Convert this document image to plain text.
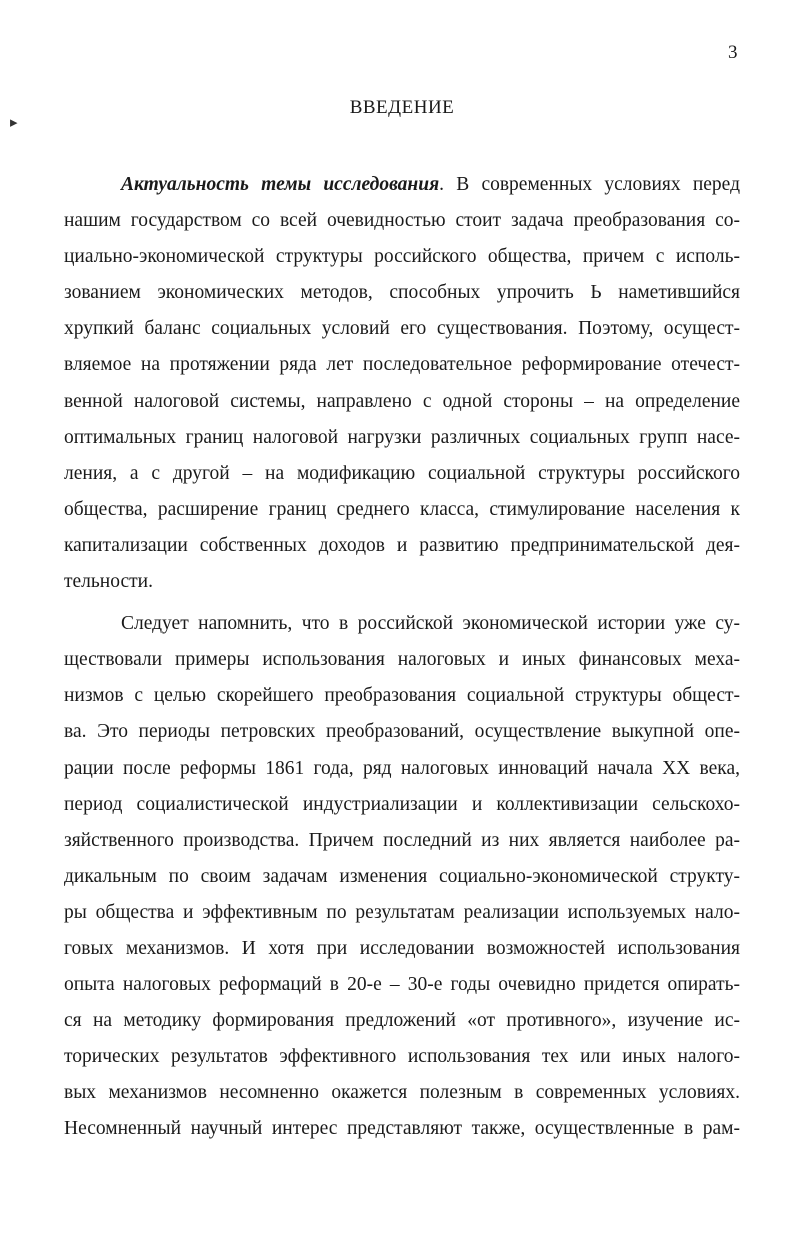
3
▸
ВВЕДЕНИЕ
Актуальность темы исследования. В современных условиях перед
нашим государством со всей очевидностью стоит задача преобразования со-
циально-экономической структуры российского общества, причем с исполь-
зованием экономических методов, способных упрочить Ь наметившийся
хрупкий баланс социальных условий его существования. Поэтому, осущест-
вляемое на протяжении ряда лет последовательное реформирование отечест-
венной налоговой системы, направлено с одной стороны – на определение
оптимальных границ налоговой нагрузки различных социальных групп насе-
ления, а с другой – на модификацию социальной структуры российского
общества, расширение границ среднего класса, стимулирование населения к
капитализации собственных доходов и развитию предпринимательской дея-
тельности.
Следует напомнить, что в российской экономической истории уже су-
ществовали примеры использования налоговых и иных финансовых меха-
низмов с целью скорейшего преобразования социальной структуры общест-
ва. Это периоды петровских преобразований, осуществление выкупной опе-
рации после реформы 1861 года, ряд налоговых инноваций начала XX века,
период социалистической индустриализации и коллективизации сельскохо-
зяйственного производства. Причем последний из них является наиболее ра-
дикальным по своим задачам изменения социально-экономической структу-
ры общества и эффективным по результатам реализации используемых нало-
говых механизмов. И хотя при исследовании возможностей использования
опыта налоговых реформаций в 20-е – 30-е годы очевидно придется опирать-
ся на методику формирования предложений «от противного», изучение ис-
торических результатов эффективного использования тех или иных налого-
вых механизмов несомненно окажется полезным в современных условиях.
Несомненный научный интерес представляют также, осуществленные в рам-
